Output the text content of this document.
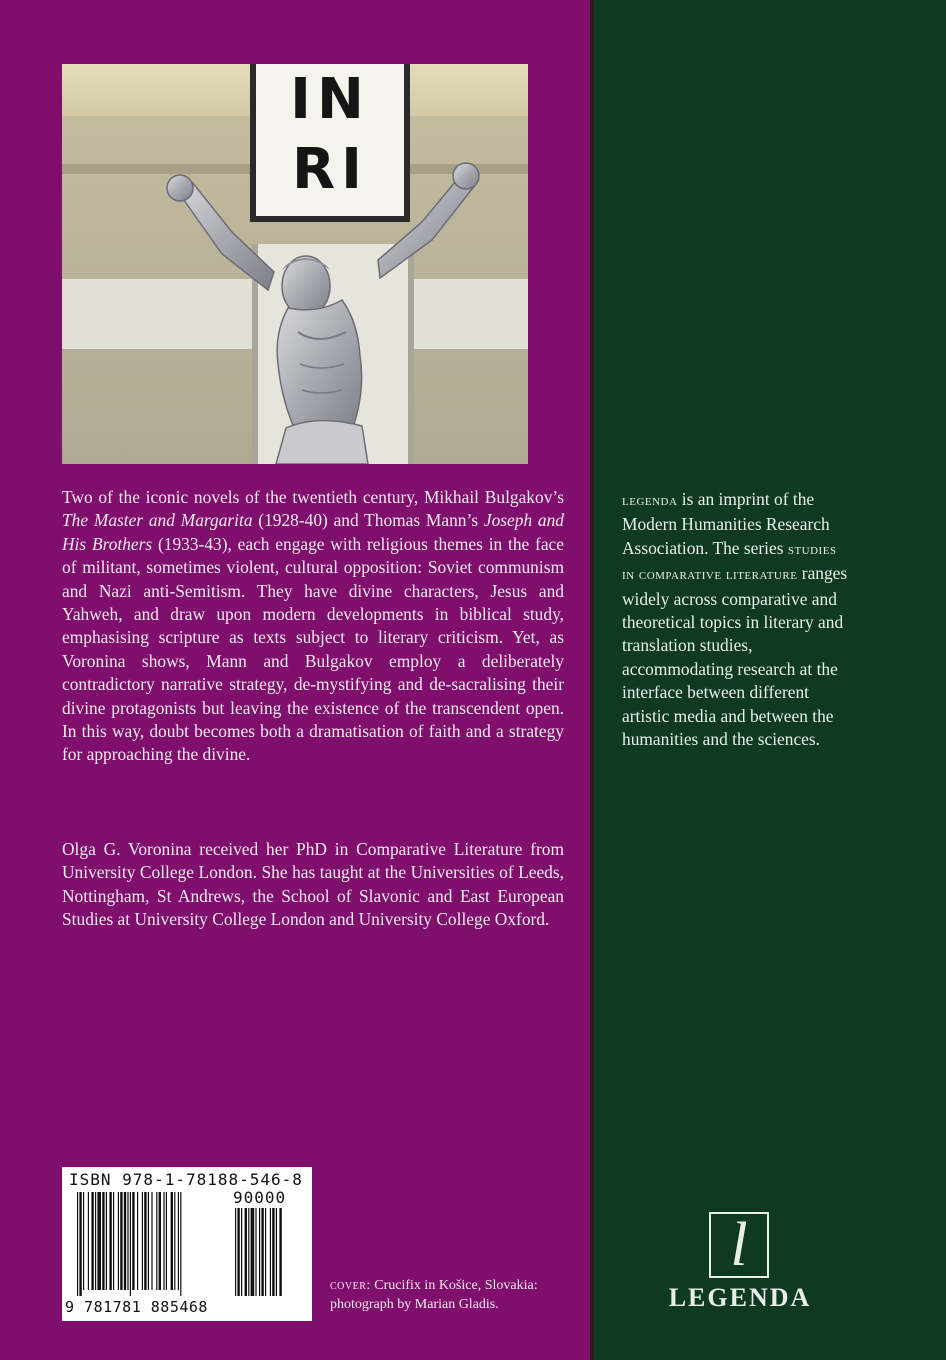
IN
RI

Two of the iconic novels of the twentieth century, Mikhail Bulgakov’s The Master and Margarita (1928-40) and Thomas Mann’s Joseph and His Brothers (1933-43), each engage with religious themes in the face of militant, sometimes violent, cultural opposition: Soviet communism and Nazi anti-Semitism. They have divine characters, Jesus and Yahweh, and draw upon modern developments in biblical study, emphasising scripture as texts subject to literary criticism. Yet, as Voronina shows, Mann and Bulgakov employ a deliberately contradictory narrative strategy, de-mystifying and de-sacralising their divine protagonists but leaving the existence of the transcendent open. In this way, doubt becomes both a dramatisation of faith and a strategy for approaching the divine.

Olga G. Voronina received her PhD in Comparative Literature from University College London. She has taught at the Universities of Leeds, Nottingham, St Andrews, the School of Slavonic and East European Studies at University College London and University College Oxford.

ISBN 978-1-78188-546-8
90000
9 781781 885468

cover: Crucifix in Košice, Slovakia: photograph by Marian Gladis.

legenda is an imprint of the Modern Humanities Research Association. The series studies in comparative literature ranges widely across comparative and theoretical topics in literary and translation studies, accommodating research at the interface between different artistic media and between the humanities and the sciences.

l
LEGENDA
